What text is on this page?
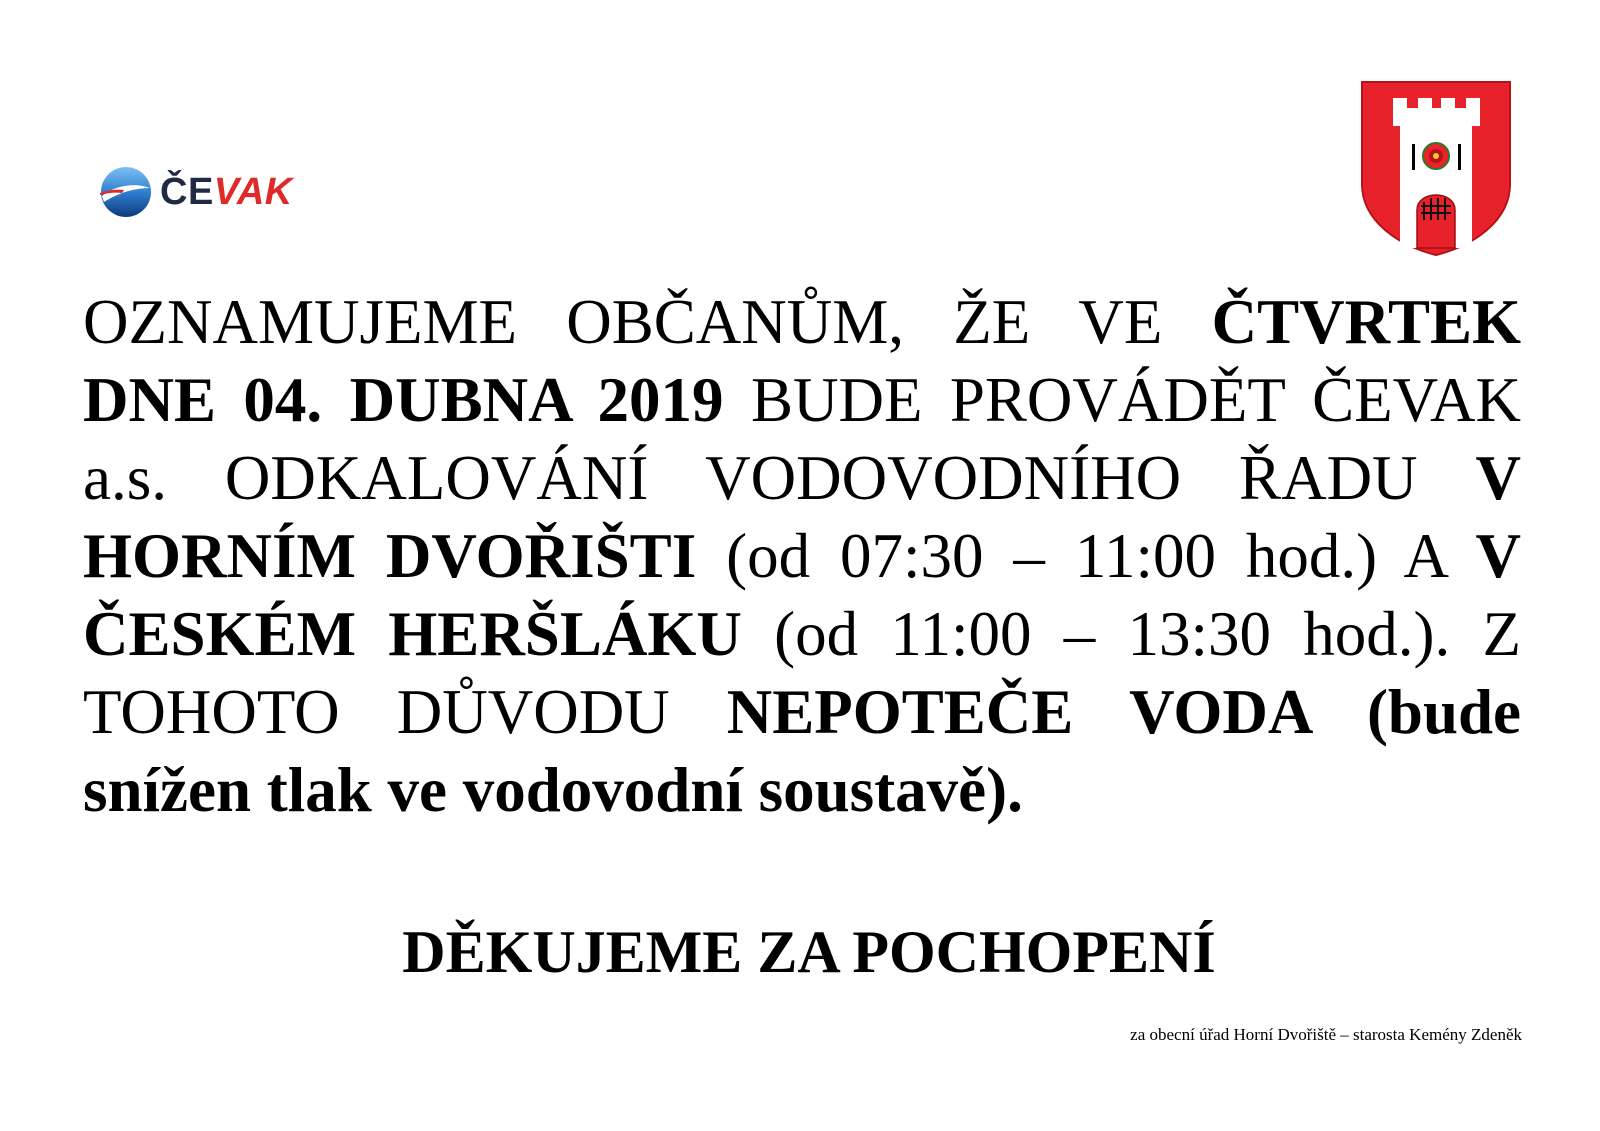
ČEVAK
OZNAMUJEME OBČANŮM, ŽE VE ČTVRTEK DNE 04. DUBNA 2019 BUDE PROVÁDĚT ČEVAK a.s. ODKALOVÁNÍ VODOVODNÍHO ŘADU V HORNÍM DVOŘIŠTI (od 07:30 – 11:00 hod.) A V ČESKÉM HERŠLÁKU (od 11:00 – 13:30 hod.). Z TOHOTO DŮVODU NEPOTEČE VODA (bude snížen tlak ve vodovodní soustavě).
DĚKUJEME ZA POCHOPENÍ
za obecní úřad Horní Dvořiště – starosta Kemény Zdeněk
